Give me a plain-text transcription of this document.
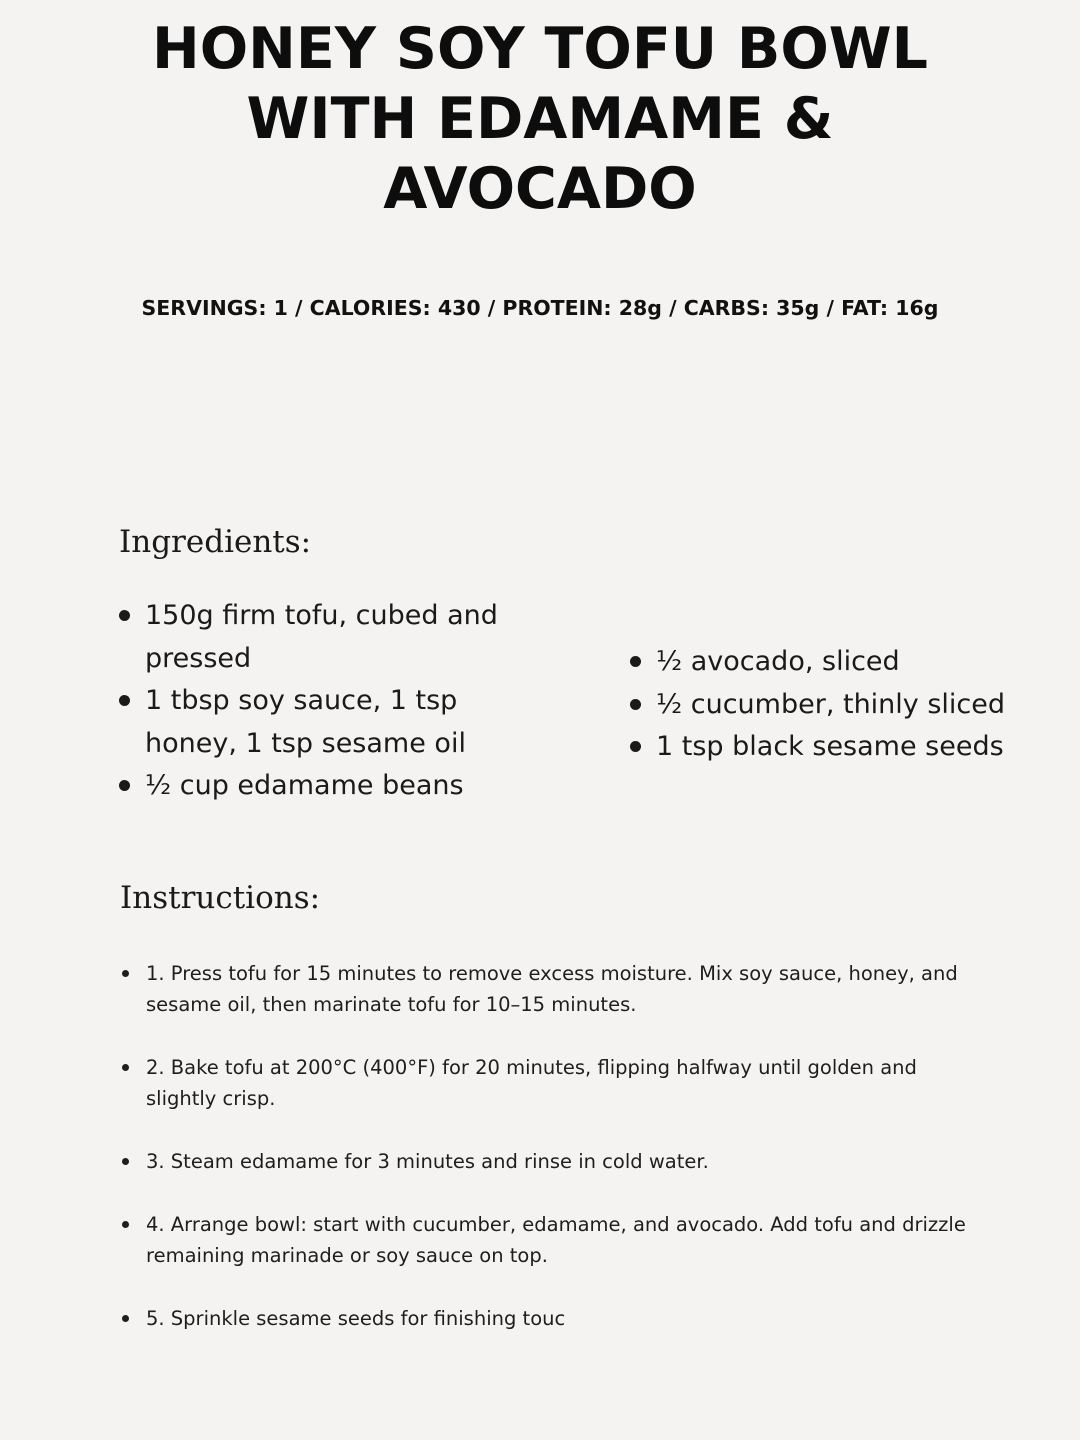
HONEY SOY TOFU BOWL
WITH EDAMAME &
AVOCADO
SERVINGS: 1 / CALORIES: 430 / PROTEIN: 28g / CARBS: 35g / FAT: 16g
Ingredients:
150g firm tofu, cubed and pressed
1 tbsp soy sauce, 1 tsp honey, 1 tsp sesame oil
½ cup edamame beans
½ avocado, sliced
½ cucumber, thinly sliced
1 tsp black sesame seeds
Instructions:
1. Press tofu for 15 minutes to remove excess moisture. Mix soy sauce, honey, and sesame oil, then marinate tofu for 10–15 minutes.
2. Bake tofu at 200°C (400°F) for 20 minutes, flipping halfway until golden and slightly crisp.
3. Steam edamame for 3 minutes and rinse in cold water.
4. Arrange bowl: start with cucumber, edamame, and avocado. Add tofu and drizzle remaining marinade or soy sauce on top.
5. Sprinkle sesame seeds for finishing touc
